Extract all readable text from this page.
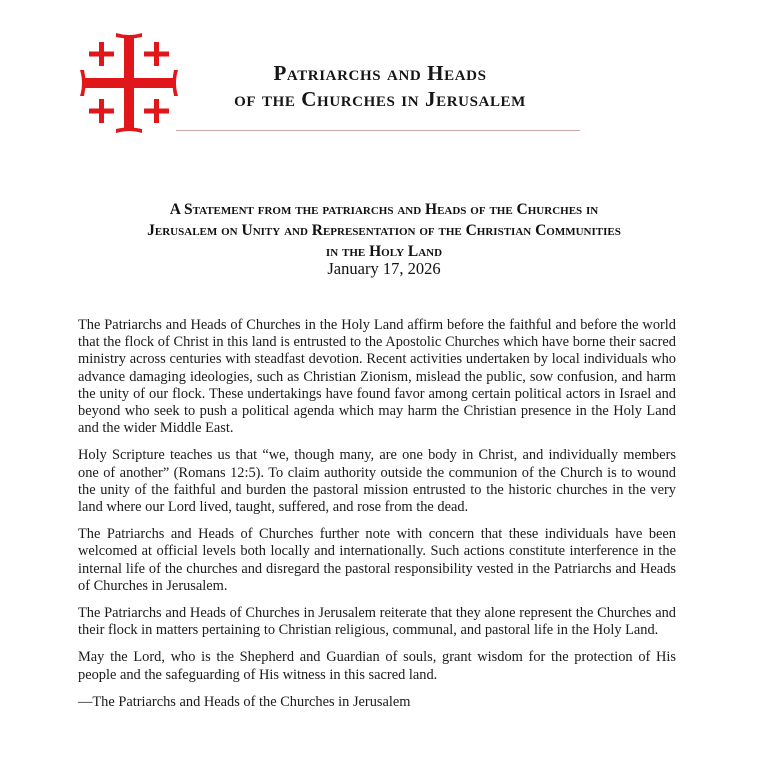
Patriarchs and Heads
of the Churches in Jerusalem
A Statement from the patriarchs and Heads of the Churches in
Jerusalem on Unity and Representation of the Christian Communities
in the Holy Land
January 17, 2026

The Patriarchs and Heads of Churches in the Holy Land affirm before the faithful and before the world that the flock of Christ in this land is entrusted to the Apostolic Churches which have borne their sacred ministry across centuries with steadfast devotion. Recent activities undertaken by local individuals who advance damaging ideologies, such as Christian Zionism, mislead the public, sow confusion, and harm the unity of our flock. These undertakings have found favor among certain political actors in Israel and beyond who seek to push a political agenda which may harm the Christian presence in the Holy Land and the wider Middle East.

Holy Scripture teaches us that “we, though many, are one body in Christ, and individually members one of another” (Romans 12:5). To claim authority outside the communion of the Church is to wound the unity of the faithful and burden the pastoral mission entrusted to the historic churches in the very land where our Lord lived, taught, suffered, and rose from the dead.

The Patriarchs and Heads of Churches further note with concern that these individuals have been welcomed at official levels both locally and internationally. Such actions constitute interference in the internal life of the churches and disregard the pastoral responsibility vested in the Patriarchs and Heads of Churches in Jerusalem.

The Patriarchs and Heads of Churches in Jerusalem reiterate that they alone represent the Churches and their flock in matters pertaining to Christian religious, communal, and pastoral life in the Holy Land.

May the Lord, who is the Shepherd and Guardian of souls, grant wisdom for the protection of His people and the safeguarding of His witness in this sacred land.

—The Patriarchs and Heads of the Churches in Jerusalem
